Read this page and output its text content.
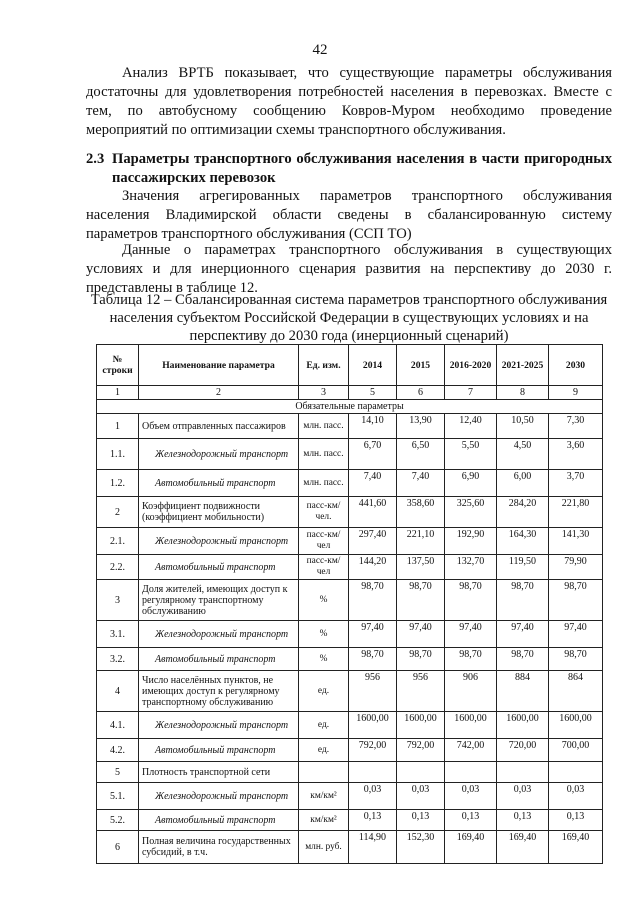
42
Анализ ВРТБ показывает, что существующие параметры обслуживания достаточны для удовлетворения потребностей населения в перевозках. Вместе с тем, по автобусному сообщению Ковров-Муром необходимо проведение мероприятий по оптимизации схемы транспортного обслуживания.
2.3 Параметры транспортного обслуживания населения в части пригородных пассажирских перевозок
Значения агрегированных параметров транспортного обслуживания населения Владимирской области сведены в сбалансированную систему параметров транспортного обслуживания (ССП ТО)
Данные о параметрах транспортного обслуживания в существующих условиях и для инерционного сценария развития на перспективу до 2030 г. представлены в таблице 12.
Таблица 12 – Сбалансированная система параметров транспортного обслуживания населения субъектом Российской Федерации в существующих условиях и на перспективу до 2030 года (инерционный сценарий)
№ строки	Наименование параметра	Ед. изм.	2014	2015	2016-2020	2021-2025	2030
1	2	3	5	6	7	8	9
Обязательные параметры							
1	Объем отправленных пассажиров	млн. пасс.	14,10	13,90	12,40	10,50	7,30
1.1.	Железнодорожный транспорт	млн. пасс.	6,70	6,50	5,50	4,50	3,60
1.2.	Автомобильный транспорт	млн. пасс.	7,40	7,40	6,90	6,00	3,70
2	Коэффициент подвижности (коэффициент мобильности)	пасс-км/чел.	441,60	358,60	325,60	284,20	221,80
2.1.	Железнодорожный транспорт	пасс-км/чел	297,40	221,10	192,90	164,30	141,30
2.2.	Автомобильный транспорт	пасс-км/чел	144,20	137,50	132,70	119,50	79,90
3	Доля жителей, имеющих доступ к регулярному транспортному обслуживанию	%	98,70	98,70	98,70	98,70	98,70
3.1.	Железнодорожный транспорт	%	97,40	97,40	97,40	97,40	97,40
3.2.	Автомобильный транспорт	%	98,70	98,70	98,70	98,70	98,70
4	Число населённых пунктов, не имеющих доступ к регулярному транспортному обслуживанию	ед.	956	956	906	884	864
4.1.	Железнодорожный транспорт	ед.	1600,00	1600,00	1600,00	1600,00	1600,00
4.2.	Автомобильный транспорт	ед.	792,00	792,00	742,00	720,00	700,00
5	Плотность транспортной сети						
5.1.	Железнодорожный транспорт	км/км²	0,03	0,03	0,03	0,03	0,03
5.2.	Автомобильный транспорт	км/км²	0,13	0,13	0,13	0,13	0,13
6	Полная величина государственных субсидий, в т.ч.	млн. руб.	114,90	152,30	169,40	169,40	169,40
